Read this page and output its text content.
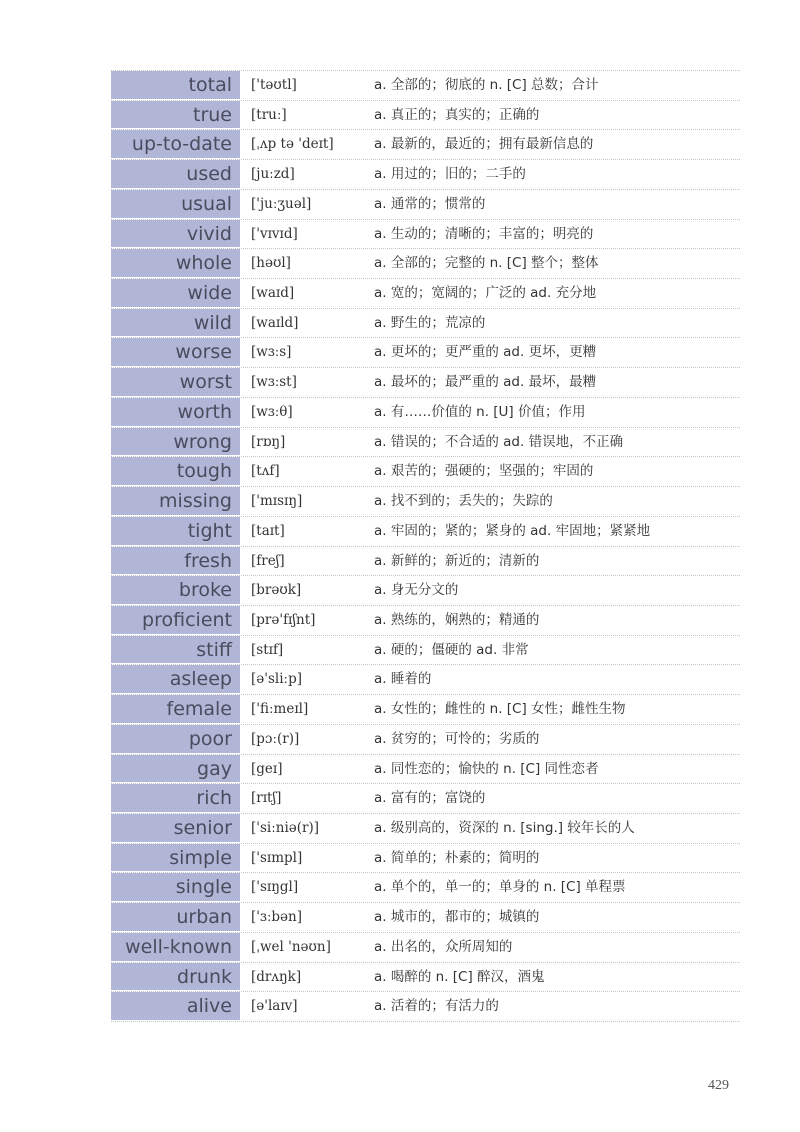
total	['təʊtl]	a. 全部的；彻底的 n. [C] 总数；合计
true	[truː]	a. 真正的；真实的；正确的
up-to-date	[ˌʌp tə 'deɪt]	a. 最新的，最近的；拥有最新信息的
used	[juːzd]	a. 用过的；旧的；二手的
usual	['juːʒuəl]	a. 通常的；惯常的
vivid	['vɪvɪd]	a. 生动的；清晰的；丰富的；明亮的
whole	[həʊl]	a. 全部的；完整的 n. [C] 整个；整体
wide	[waɪd]	a. 宽的；宽阔的；广泛的 ad. 充分地
wild	[waɪld]	a. 野生的；荒凉的
worse	[wɜːs]	a. 更坏的；更严重的 ad. 更坏，更糟
worst	[wɜːst]	a. 最坏的；最严重的 ad. 最坏，最糟
worth	[wɜːθ]	a. 有……价值的 n. [U] 价值；作用
wrong	[rɒŋ]	a. 错误的；不合适的 ad. 错误地，不正确
tough	[tʌf]	a. 艰苦的；强硬的；坚强的；牢固的
missing	['mɪsɪŋ]	a. 找不到的；丢失的；失踪的
tight	[taɪt]	a. 牢固的；紧的；紧身的 ad. 牢固地；紧紧地
fresh	[freʃ]	a. 新鲜的；新近的；清新的
broke	[brəʊk]	a. 身无分文的
proficient	[prə'fɪʃnt]	a. 熟练的，娴熟的；精通的
stiff	[stɪf]	a. 硬的；僵硬的 ad. 非常
asleep	[ə'sliːp]	a. 睡着的
female	['fiːmeɪl]	a. 女性的；雌性的 n. [C] 女性；雌性生物
poor	[pɔː(r)]	a. 贫穷的；可怜的；劣质的
gay	[geɪ]	a. 同性恋的；愉快的 n. [C] 同性恋者
rich	[rɪtʃ]	a. 富有的；富饶的
senior	['siːniə(r)]	a. 级别高的，资深的 n. [sing.] 较年长的人
simple	['sɪmpl]	a. 简单的；朴素的；简明的
single	['sɪŋgl]	a. 单个的，单一的；单身的 n. [C] 单程票
urban	['ɜːbən]	a. 城市的，都市的；城镇的
well-known	[ˌwel 'nəʊn]	a. 出名的，众所周知的
drunk	[drʌŋk]	a. 喝醉的 n. [C] 醉汉，酒鬼
alive	[ə'laɪv]	a. 活着的；有活力的
429
